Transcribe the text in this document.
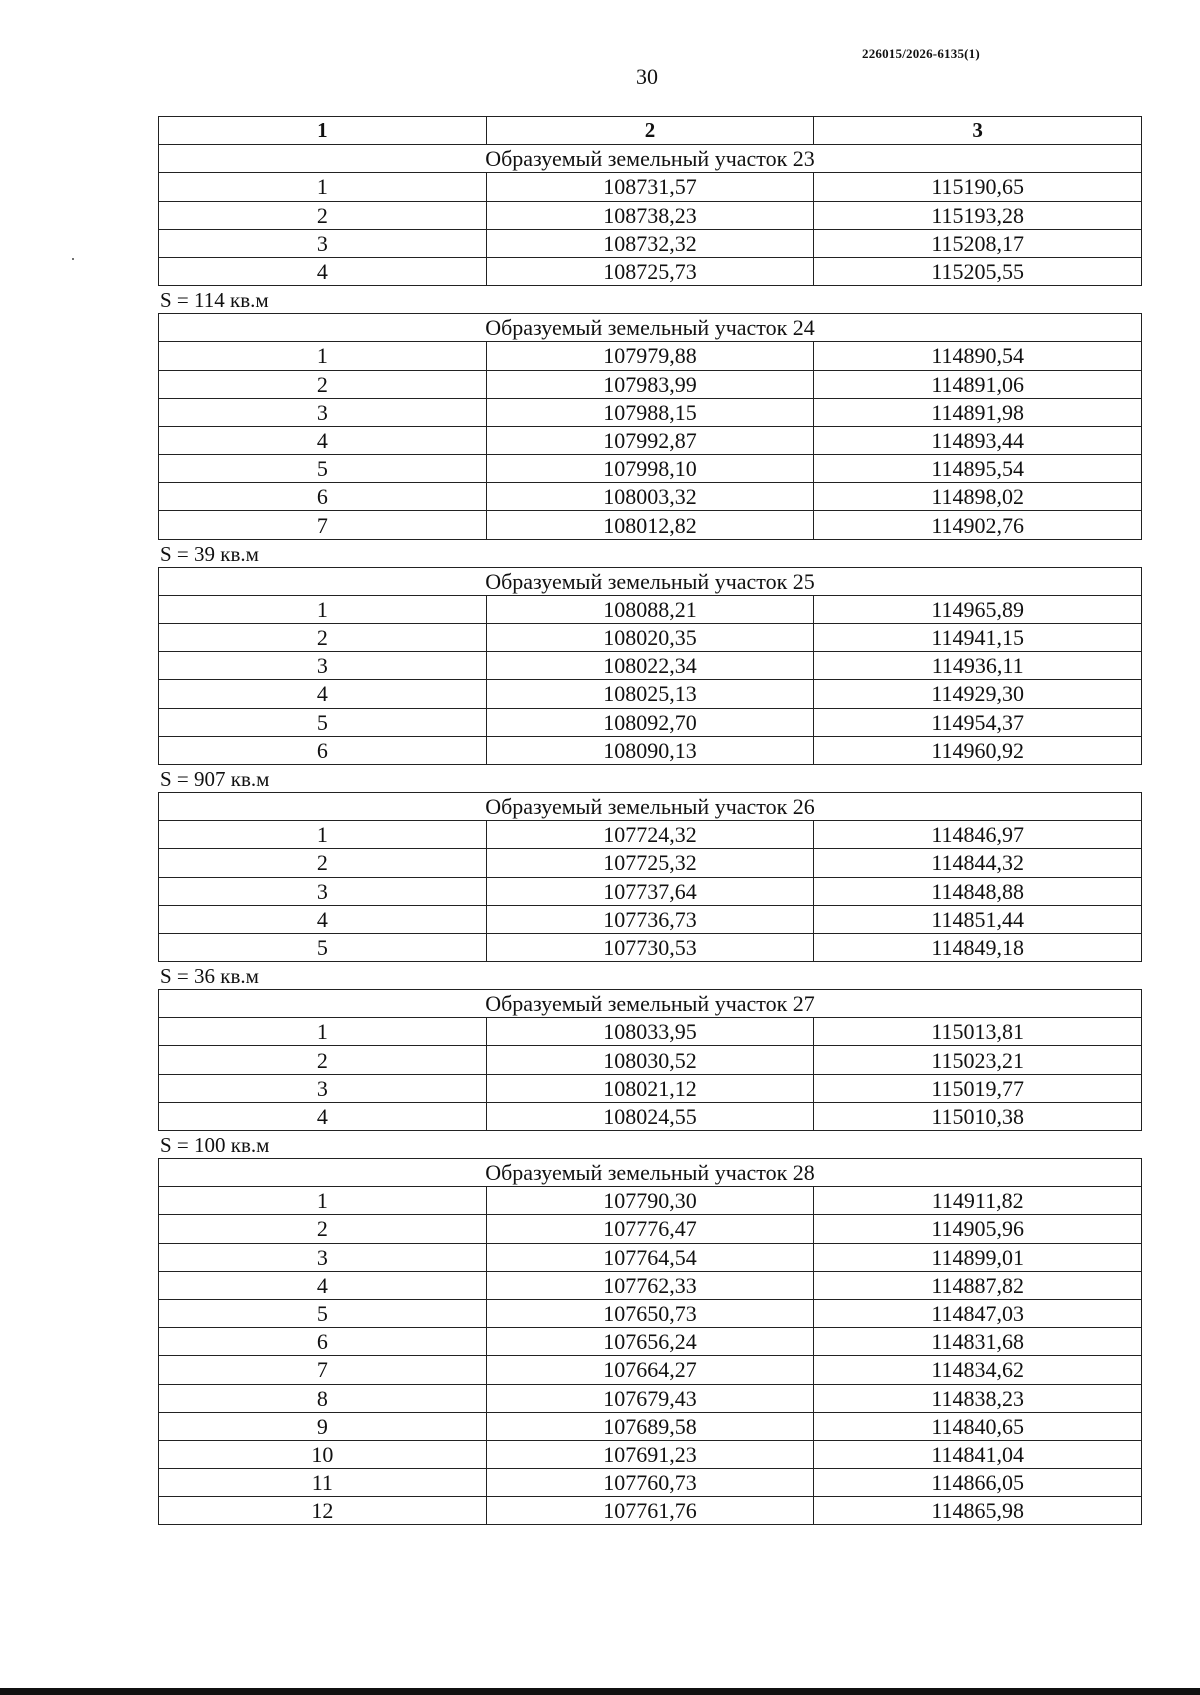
226015/2026-6135(1)
30
1	2	3
Образуемый земельный участок 23		
1	108731,57	115190,65
2	108738,23	115193,28
3	108732,32	115208,17
4	108725,73	115205,55
S = 114 кв.м
Образуемый земельный участок 24		
1	107979,88	114890,54
2	107983,99	114891,06
3	107988,15	114891,98
4	107992,87	114893,44
5	107998,10	114895,54
6	108003,32	114898,02
7	108012,82	114902,76
S = 39 кв.м
Образуемый земельный участок 25		
1	108088,21	114965,89
2	108020,35	114941,15
3	108022,34	114936,11
4	108025,13	114929,30
5	108092,70	114954,37
6	108090,13	114960,92
S = 907 кв.м
Образуемый земельный участок 26		
1	107724,32	114846,97
2	107725,32	114844,32
3	107737,64	114848,88
4	107736,73	114851,44
5	107730,53	114849,18
S = 36 кв.м
Образуемый земельный участок 27		
1	108033,95	115013,81
2	108030,52	115023,21
3	108021,12	115019,77
4	108024,55	115010,38
S = 100 кв.м
Образуемый земельный участок 28		
1	107790,30	114911,82
2	107776,47	114905,96
3	107764,54	114899,01
4	107762,33	114887,82
5	107650,73	114847,03
6	107656,24	114831,68
7	107664,27	114834,62
8	107679,43	114838,23
9	107689,58	114840,65
10	107691,23	114841,04
11	107760,73	114866,05
12	107761,76	114865,98
